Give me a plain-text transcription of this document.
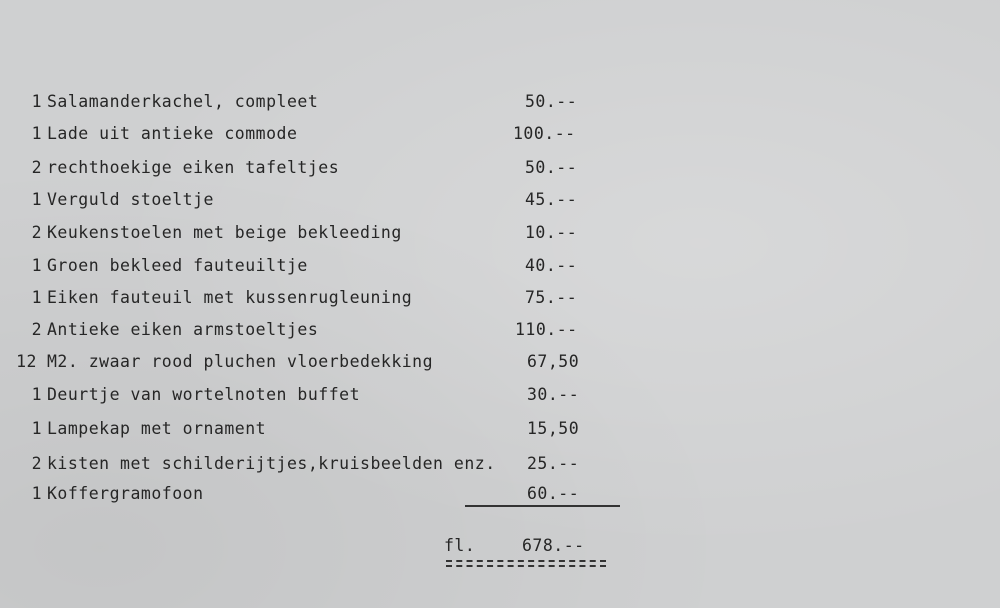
1 Salamanderkachel, compleet	50.--
1 Lade uit antieke commode	100.--
2 rechthoekige eiken tafeltjes	50.--
1 Verguld stoeltje	45.--
2 Keukenstoelen met beige bekleeding	10.--
1 Groen bekleed fauteuiltje	40.--
1 Eiken fauteuil met kussenrugleuning	75.--
2 Antieke eiken armstoeltjes	110.--
12 M2. zwaar rood pluchen vloerbedekking	67,50
1 Deurtje van wortelnoten buffet	30.--
1 Lampekap met ornament	15,50
2 kisten met schilderijtjes,kruisbeelden enz. 25.--
1 Koffergramofoon	60.--
fl.	678.--
